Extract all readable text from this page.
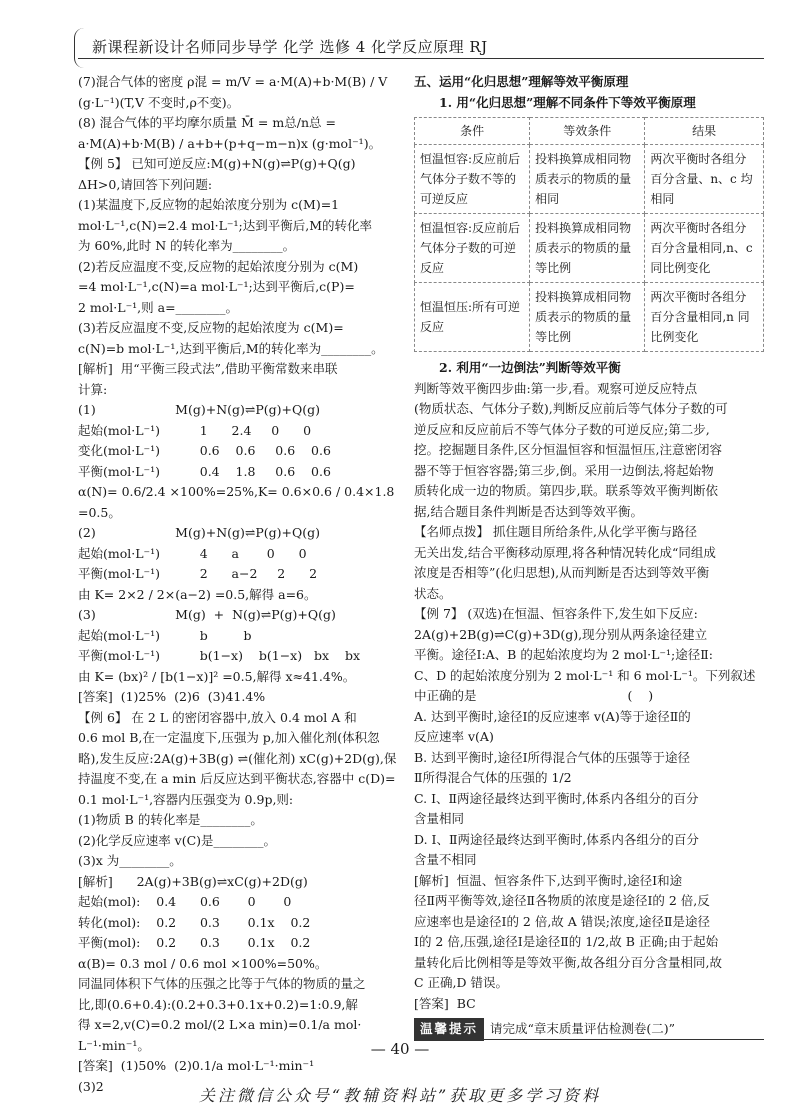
新课程新设计名师同步导学 化学 选修 4 化学反应原理 RJ

(7)混合气体的密度 ρ混 = m/V = a·M(A)+b·M(B) / V

(g·L⁻¹)(T,V 不变时,ρ不变)。

(8) 混合气体的平均摩尔质量 M̄ = m总/n总 =

a·M(A)+b·M(B) / a+b+(p+q−m−n)x (g·mol⁻¹)。

【例 5】 已知可逆反应:M(g)+N(g)⇌P(g)+Q(g)

ΔH>0,请回答下列问题:

(1)某温度下,反应物的起始浓度分别为 c(M)=1

mol·L⁻¹,c(N)=2.4 mol·L⁻¹;达到平衡后,M的转化率

为 60%,此时 N 的转化率为________。

(2)若反应温度不变,反应物的起始浓度分别为 c(M)

=4 mol·L⁻¹,c(N)=a mol·L⁻¹;达到平衡后,c(P)=

2 mol·L⁻¹,则 a=________。

(3)若反应温度不变,反应物的起始浓度为 c(M)=

c(N)=b mol·L⁻¹,达到平衡后,M的转化率为________。

[解析]  用“平衡三段式法”,借助平衡常数来串联

计算:

(1)                    M(g)+N(g)⇌P(g)+Q(g)

起始(mol·L⁻¹)          1      2.4     0      0

变化(mol·L⁻¹)          0.6    0.6     0.6    0.6

平衡(mol·L⁻¹)          0.4    1.8     0.6    0.6

α(N)= 0.6/2.4 ×100%=25%,K= 0.6×0.6 / 0.4×1.8 =0.5。

(2)                    M(g)+N(g)⇌P(g)+Q(g)

起始(mol·L⁻¹)          4      a       0      0

平衡(mol·L⁻¹)          2      a−2     2      2

由 K= 2×2 / 2×(a−2) =0.5,解得 a=6。

(3)                    M(g)  +  N(g)⇌P(g)+Q(g)

起始(mol·L⁻¹)          b         b

平衡(mol·L⁻¹)          b(1−x)    b(1−x)   bx    bx

由 K= (bx)² / [b(1−x)]² =0.5,解得 x≈41.4%。

[答案]  (1)25%  (2)6  (3)41.4%

【例 6】 在 2 L 的密闭容器中,放入 0.4 mol A 和

0.6 mol B,在一定温度下,压强为 p,加入催化剂(体积忽

略),发生反应:2A(g)+3B(g) ⇌(催化剂) xC(g)+2D(g),保

持温度不变,在 a min 后反应达到平衡状态,容器中 c(D)=

0.1 mol·L⁻¹,容器内压强变为 0.9p,则:

(1)物质 B 的转化率是________。

(2)化学反应速率 v(C)是________。

(3)x 为________。

[解析]      2A(g)+3B(g)⇌xC(g)+2D(g)

起始(mol):    0.4      0.6       0       0

转化(mol):    0.2      0.3       0.1x    0.2

平衡(mol):    0.2      0.3       0.1x    0.2

α(B)= 0.3 mol / 0.6 mol ×100%=50%。

同温同体积下气体的压强之比等于气体的物质的量之

比,即(0.6+0.4):(0.2+0.3+0.1x+0.2)=1:0.9,解

得 x=2,v(C)=0.2 mol/(2 L×a min)=0.1/a mol·

L⁻¹·min⁻¹。

[答案]  (1)50%  (2)0.1/a mol·L⁻¹·min⁻¹

(3)2

五、运用“化归思想”理解等效平衡原理

1. 用“化归思想”理解不同条件下等效平衡原理

条件	等效条件	结果
恒温恒容:反应前后气体分子数不等的可逆反应	投料换算成相同物质表示的物质的量相同	两次平衡时各组分百分含量、n、c 均相同
恒温恒容:反应前后气体分子数的可逆反应	投料换算成相同物质表示的物质的量等比例	两次平衡时各组分百分含量相同,n、c 同比例变化
恒温恒压:所有可逆反应	投料换算成相同物质表示的物质的量等比例	两次平衡时各组分百分含量相同,n 同比例变化

2. 利用“一边倒法”判断等效平衡

判断等效平衡四步曲:第一步,看。观察可逆反应特点

(物质状态、气体分子数),判断反应前后等气体分子数的可

逆反应和反应前后不等气体分子数的可逆反应;第二步,

挖。挖掘题目条件,区分恒温恒容和恒温恒压,注意密闭容

器不等于恒容容器;第三步,倒。采用一边倒法,将起始物

质转化成一边的物质。第四步,联。联系等效平衡判断依

据,结合题目条件判断是否达到等效平衡。

【名师点拨】 抓住题目所给条件,从化学平衡与路径

无关出发,结合平衡移动原理,将各种情况转化成“同组成

浓度是否相等”(化归思想),从而判断是否达到等效平衡

状态。

【例 7】 (双选)在恒温、恒容条件下,发生如下反应:

2A(g)+2B(g)⇌C(g)+3D(g),现分别从两条途径建立

平衡。途径Ⅰ:A、B 的起始浓度均为 2 mol·L⁻¹;途径Ⅱ:

C、D 的起始浓度分别为 2 mol·L⁻¹ 和 6 mol·L⁻¹。下列叙述

中正确的是                                      (    )

A. 达到平衡时,途径Ⅰ的反应速率 v(A)等于途径Ⅱ的

反应速率 v(A)

B. 达到平衡时,途径Ⅰ所得混合气体的压强等于途径

Ⅱ所得混合气体的压强的 1/2

C. Ⅰ、Ⅱ两途径最终达到平衡时,体系内各组分的百分

含量相同

D. Ⅰ、Ⅱ两途径最终达到平衡时,体系内各组分的百分

含量不相同

[解析]  恒温、恒容条件下,达到平衡时,途径Ⅰ和途

径Ⅱ两平衡等效,途径Ⅱ各物质的浓度是途径Ⅰ的 2 倍,反

应速率也是途径Ⅰ的 2 倍,故 A 错误;浓度,途径Ⅱ是途径

Ⅰ的 2 倍,压强,途径Ⅰ是途径Ⅱ的 1/2,故 B 正确;由于起始

量转化后比例相等是等效平衡,故各组分百分含量相同,故

C 正确,D 错误。

[答案]  BC

温馨提示 请完成“章末质量评估检测卷(二)”
— 40 —
关注微信公众号“教辅资料站”获取更多学习资料
